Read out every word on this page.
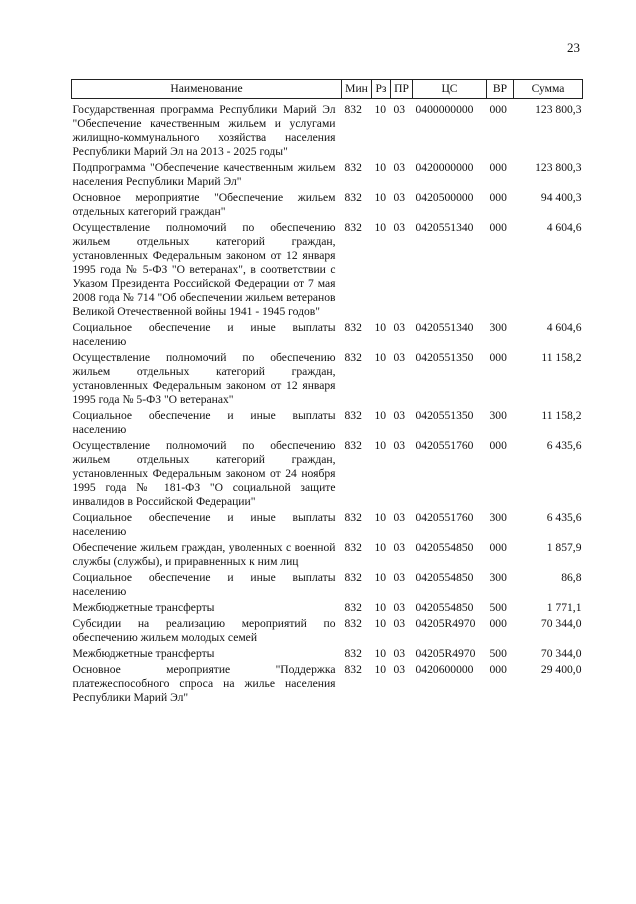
23
Наименование	Мин	Рз	ПР	ЦС	ВР	Сумма
Государственная программа Республики Марий Эл "Обеспечение качественным жильем и услугами жилищно-коммунального хозяйства населения Республики Марий Эл на 2013 - 2025 годы"	832	10	03	0400000000	000	123 800,3
Подпрограмма "Обеспечение качественным жильем населения Республики Марий Эл"	832	10	03	0420000000	000	123 800,3
Основное мероприятие "Обеспечение жильем отдельных категорий граждан"	832	10	03	0420500000	000	94 400,3
Осуществление полномочий по обеспечению жильем отдельных категорий граждан, установленных Федеральным законом от 12 января 1995 года № 5-ФЗ "О ветеранах", в соответствии с Указом Президента Российской Федерации от 7 мая 2008 года № 714 "Об обеспечении жильем ветеранов Великой Отечественной войны 1941 - 1945 годов"	832	10	03	0420551340	000	4 604,6
Социальное обеспечение и иные выплаты населению	832	10	03	0420551340	300	4 604,6
Осуществление полномочий по обеспечению жильем отдельных категорий граждан, установленных Федеральным законом от 12 января 1995 года № 5-ФЗ "О ветеранах"	832	10	03	0420551350	000	11 158,2
Социальное обеспечение и иные выплаты населению	832	10	03	0420551350	300	11 158,2
Осуществление полномочий по обеспечению жильем отдельных категорий граждан, установленных Федеральным законом от 24 ноября 1995 года № 181-ФЗ "О социальной защите инвалидов в Российской Федерации"	832	10	03	0420551760	000	6 435,6
Социальное обеспечение и иные выплаты населению	832	10	03	0420551760	300	6 435,6
Обеспечение жильем граждан, уволенных с военной службы (службы), и приравненных к ним лиц	832	10	03	0420554850	000	1 857,9
Социальное обеспечение и иные выплаты населению	832	10	03	0420554850	300	86,8
Межбюджетные трансферты	832	10	03	0420554850	500	1 771,1
Субсидии на реализацию мероприятий по обеспечению жильем молодых семей	832	10	03	04205R4970	000	70 344,0
Межбюджетные трансферты	832	10	03	04205R4970	500	70 344,0
Основное мероприятие "Поддержка платежеспособного спроса на жилье населения Республики Марий Эл"	832	10	03	0420600000	000	29 400,0
